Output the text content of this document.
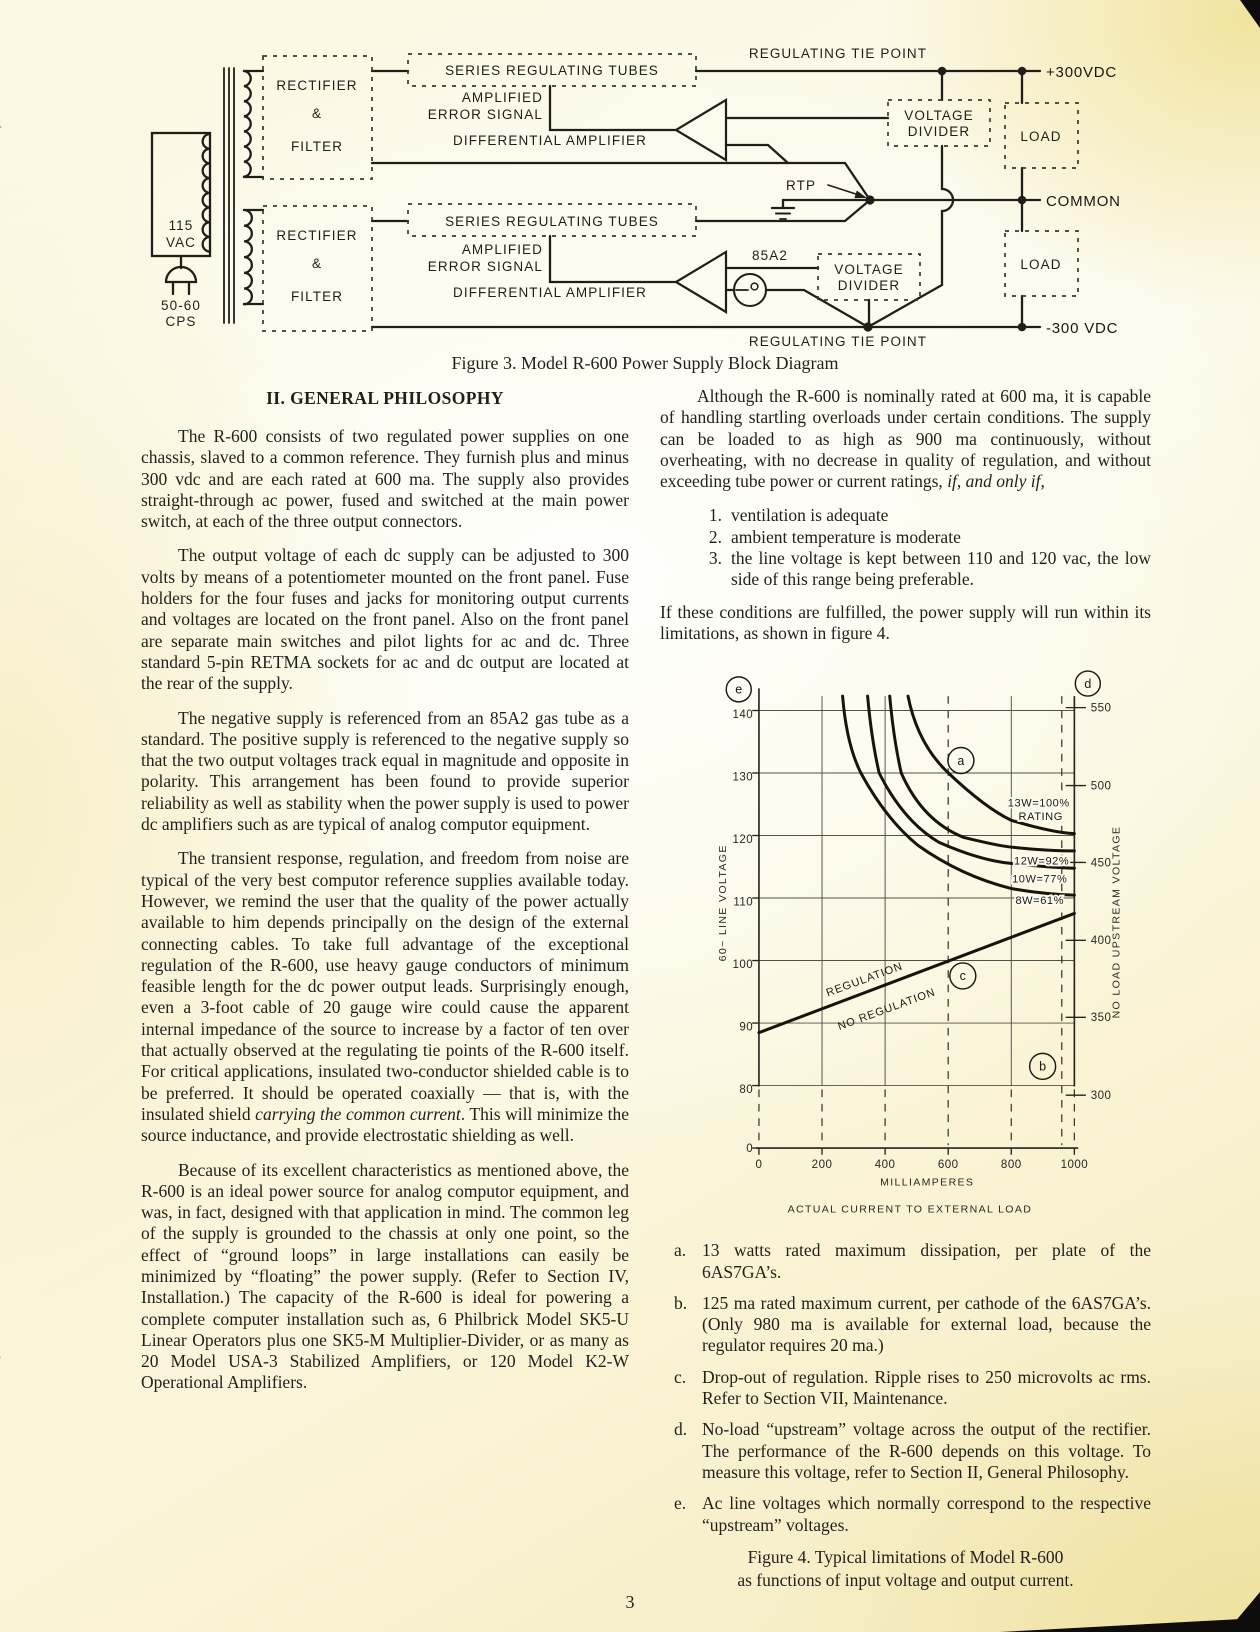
115
VAC
50-60
CPS
RECTIFIER
&
FILTER
RECTIFIER
&
FILTER
SERIES REGULATING TUBES
SERIES REGULATING TUBES
REGULATING TIE POINT
REGULATING TIE POINT
VOLTAGE
DIVIDER
VOLTAGE
DIVIDER
LOAD
LOAD
85A2
DIFFERENTIAL AMPLIFIER
DIFFERENTIAL AMPLIFIER
AMPLIFIED
ERROR SIGNAL
AMPLIFIED
ERROR SIGNAL
RTP
+300VDC
COMMON
-300 VDC
Figure 3. Model R-600 Power Supply Block Diagram
II. GENERAL PHILOSOPHY

The R-600 consists of two regulated power supplies on one chassis, slaved to a common reference. They furnish plus and minus 300 vdc and are each rated at 600 ma. The supply also provides straight-through ac power, fused and switched at the main power switch, at each of the three output connectors.

The output voltage of each dc supply can be adjusted to 300 volts by means of a potentiometer mounted on the front panel. Fuse holders for the four fuses and jacks for monitoring output currents and voltages are located on the front panel. Also on the front panel are separate main switches and pilot lights for ac and dc. Three standard 5-pin RETMA sockets for ac and dc output are located at the rear of the supply.

The negative supply is referenced from an 85A2 gas tube as a standard. The positive supply is referenced to the negative supply so that the two output voltages track equal in magnitude and opposite in polarity. This arrangement has been found to provide superior reliability as well as stability when the power supply is used to power dc amplifiers such as are typical of analog computor equipment.

The transient response, regulation, and freedom from noise are typical of the very best computor reference supplies available today. However, we remind the user that the quality of the power actually available to him depends principally on the design of the external connecting cables. To take full advantage of the exceptional regulation of the R-600, use heavy gauge conductors of minimum feasible length for the dc power output leads. Surprisingly enough, even a 3-foot cable of 20 gauge wire could cause the apparent internal impedance of the source to increase by a factor of ten over that actually observed at the regulating tie points of the R-600 itself. For critical applications, insulated two-conductor shielded cable is to be preferred. It should be operated coaxially — that is, with the insulated shield carrying the common current. This will minimize the source inductance, and provide electrostatic shielding as well.

Because of its excellent characteristics as mentioned above, the R-600 is an ideal power source for analog computor equipment, and was, in fact, designed with that application in mind. The common leg of the supply is grounded to the chassis at only one point, so the effect of “ground loops” in large installations can easily be minimized by “floating” the power supply. (Refer to Section IV, Installation.) The capacity of the R-600 is ideal for powering a complete computer installation such as, 6 Philbrick Model SK5-U Linear Operators plus one SK5-M Multiplier-Divider, or as many as 20 Model USA-3 Stabilized Amplifiers, or 120 Model K2-W Operational Amplifiers.

Although the R-600 is nominally rated at 600 ma, it is capable of handling startling overloads under certain conditions. The supply can be loaded to as high as 900 ma continuously, without overheating, with no decrease in quality of regulation, and without exceeding tube power or current ratings, if, and only if,

1. ventilation is adequate
2. ambient temperature is moderate
3. the line voltage is kept between 110 and 120 vac, the low side of this range being preferable.

If these conditions are fulfilled, the power supply will run within its limitations, as shown in figure 4.

13W=100%
RATING
12W=92%
10W=77%
8W=61%
REGULATION
NO REGULATION
140
130
120
110
100
90
80
0
550
500
450
400
350
300
0	200	400	600	800	1000
MILLIAMPERES
ACTUAL CURRENT TO EXTERNAL LOAD
60~ LINE VOLTAGE	NO LOAD UPSTREAM VOLTAGE
e	d
a
c
b
a. 13 watts rated maximum dissipation, per plate of the 6AS7GA’s.
b. 125 ma rated maximum current, per cathode of the 6AS7GA’s. (Only 980 ma is available for external load, because the regulator requires 20 ma.)
c. Drop-out of regulation. Ripple rises to 250 microvolts ac rms. Refer to Section VII, Maintenance.
d. No-load “upstream” voltage across the output of the rectifier. The performance of the R-600 depends on this voltage. To measure this voltage, refer to Section II, General Philosophy.
e. Ac line voltages which normally correspond to the respective “upstream” voltages.
Figure 4. Typical limitations of Model R-600
as functions of input voltage and output current.
3
